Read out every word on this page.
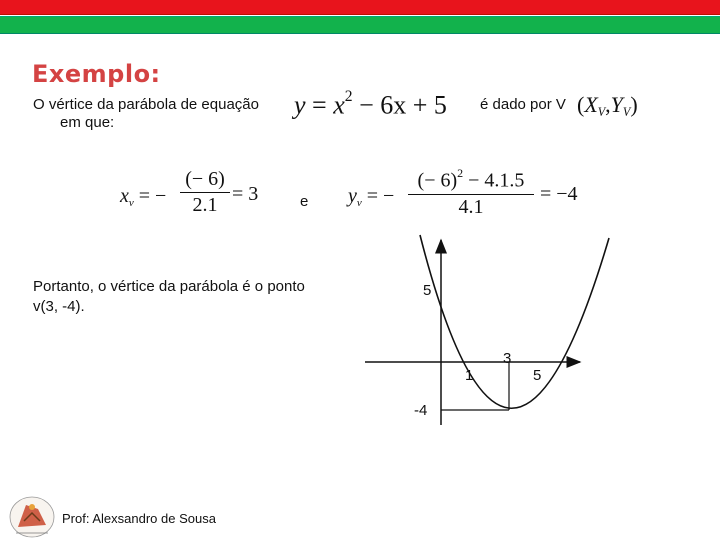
Exemplo:
O vértice da parábola de equação
em que:
$y = x^2 - 6x + 5$ é dado por V $(X_V,Y_V)$
$x_v$ = −
(− 6)
2.1 = 3	e $y_v$ = −
(− 6)$^2$ − 4.1.5
4.1
= −4
Portanto, o vértice da parábola é o ponto
v(3, -4).
5
-4
1
3
5
Prof: Alexsandro de Sousa
